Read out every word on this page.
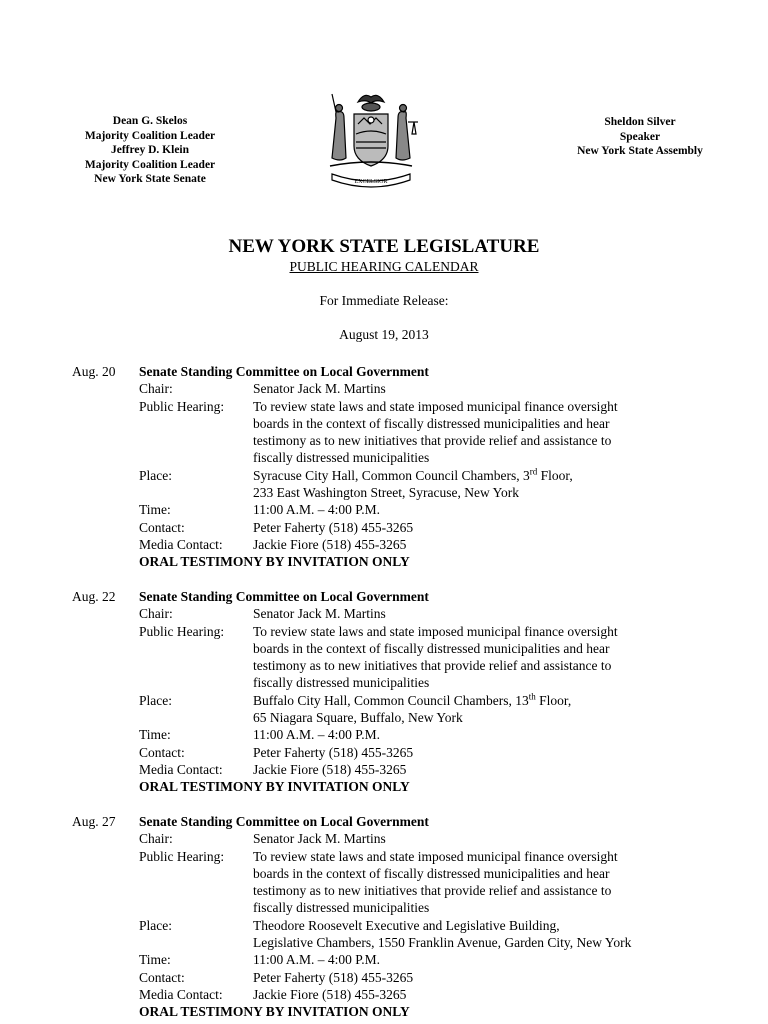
Dean G. Skelos
Majority Coalition Leader
Jeffrey D. Klein
Majority Coalition Leader
New York State Senate	EXCELSIOR
Sheldon Silver
Speaker
New York State Assembly
NEW YORK STATE LEGISLATURE
PUBLIC HEARING CALENDAR
For Immediate Release:
August 19, 2013
Aug. 20 Senate Standing Committee on Local Government
Chair:	Senator Jack M. Martins
Public Hearing: To review state laws and state imposed municipal finance oversight
boards in the context of fiscally distressed municipalities and hear
testimony as to new initiatives that provide relief and assistance to
fiscally distressed municipalities
Place:	Syracuse City Hall, Common Council Chambers, 3rd Floor,
233 East Washington Street, Syracuse, New York
Time:	11:00 A.M. – 4:00 P.M.
Contact:	Peter Faherty (518) 455-3265
Media Contact: Jackie Fiore (518) 455-3265
ORAL TESTIMONY BY INVITATION ONLY
Aug. 22 Senate Standing Committee on Local Government
Chair:	Senator Jack M. Martins
Public Hearing: To review state laws and state imposed municipal finance oversight
boards in the context of fiscally distressed municipalities and hear
testimony as to new initiatives that provide relief and assistance to
fiscally distressed municipalities
Place:	Buffalo City Hall, Common Council Chambers, 13th Floor,
65 Niagara Square, Buffalo, New York
Time:	11:00 A.M. – 4:00 P.M.
Contact:	Peter Faherty (518) 455-3265
Media Contact: Jackie Fiore (518) 455-3265
ORAL TESTIMONY BY INVITATION ONLY
Aug. 27 Senate Standing Committee on Local Government
Chair:	Senator Jack M. Martins
Public Hearing: To review state laws and state imposed municipal finance oversight
boards in the context of fiscally distressed municipalities and hear
testimony as to new initiatives that provide relief and assistance to
fiscally distressed municipalities
Place:	Theodore Roosevelt Executive and Legislative Building,
Legislative Chambers, 1550 Franklin Avenue, Garden City, New York
Time:	11:00 A.M. – 4:00 P.M.
Contact:	Peter Faherty (518) 455-3265
Media Contact: Jackie Fiore (518) 455-3265
ORAL TESTIMONY BY INVITATION ONLY
